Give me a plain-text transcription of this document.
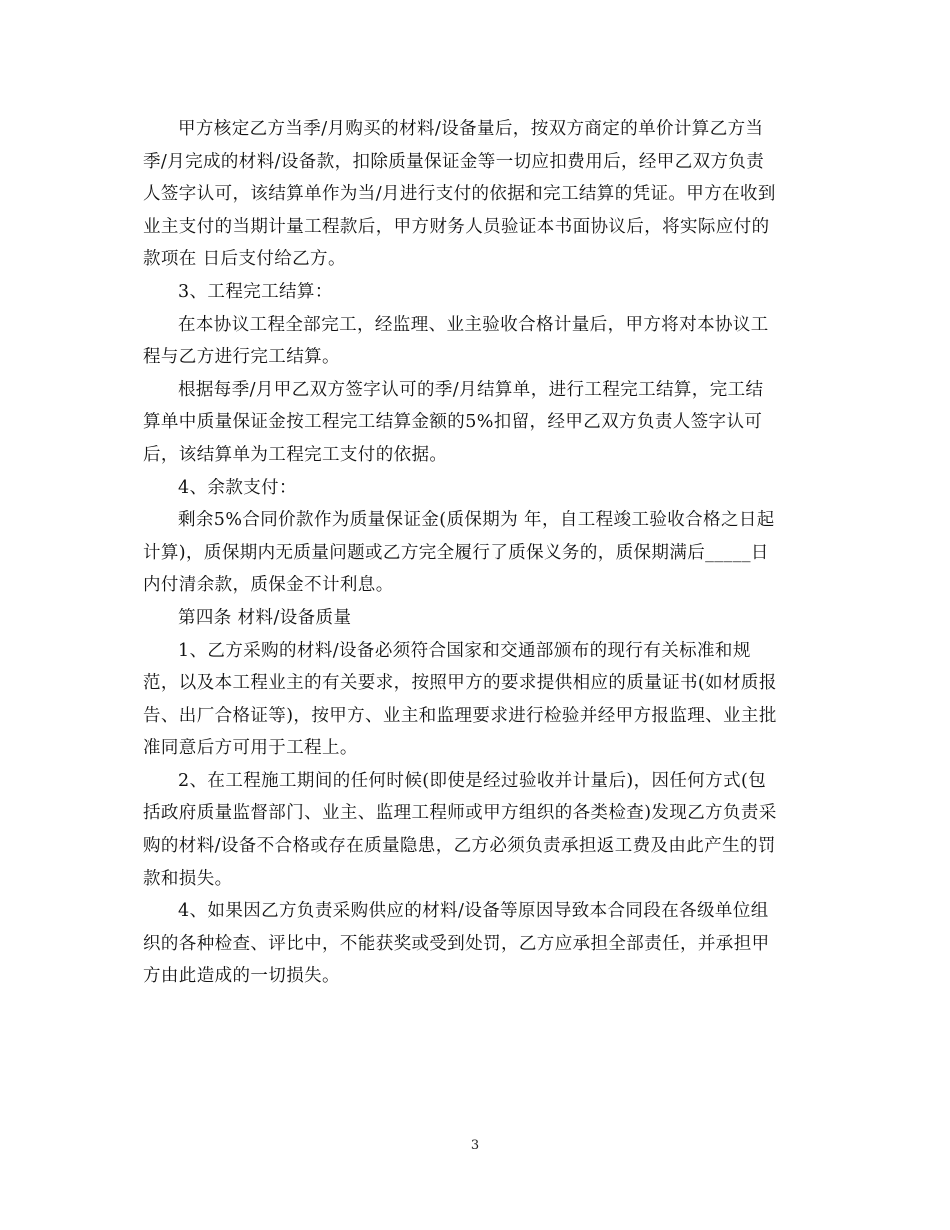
甲方核定乙方当季/月购买的材料/设备量后，按双方商定的单价计算乙方当
季/月完成的材料/设备款，扣除质量保证金等一切应扣费用后，经甲乙双方负责
人签字认可，该结算单作为当/月进行支付的依据和完工结算的凭证。甲方在收到
业主支付的当期计量工程款后，甲方财务人员验证本书面协议后，将实际应付的
款项在 日后支付给乙方。

3、工程完工结算：

在本协议工程全部完工，经监理、业主验收合格计量后，甲方将对本协议工
程与乙方进行完工结算。

根据每季/月甲乙双方签字认可的季/月结算单，进行工程完工结算，完工结
算单中质量保证金按工程完工结算金额的5%扣留，经甲乙双方负责人签字认可
后，该结算单为工程完工支付的依据。

4、余款支付：

剩余5%合同价款作为质量保证金(质保期为 年，自工程竣工验收合格之日起
计算)，质保期内无质量问题或乙方完全履行了质保义务的，质保期满后_____日
内付清余款，质保金不计利息。

第四条 材料/设备质量

1、乙方采购的材料/设备必须符合国家和交通部颁布的现行有关标准和规
范，以及本工程业主的有关要求，按照甲方的要求提供相应的质量证书(如材质报
告、出厂合格证等)，按甲方、业主和监理要求进行检验并经甲方报监理、业主批
准同意后方可用于工程上。

2、在工程施工期间的任何时候(即使是经过验收并计量后)，因任何方式(包
括政府质量监督部门、业主、监理工程师或甲方组织的各类检查)发现乙方负责采
购的材料/设备不合格或存在质量隐患，乙方必须负责承担返工费及由此产生的罚
款和损失。

4、如果因乙方负责采购供应的材料/设备等原因导致本合同段在各级单位组
织的各种检查、评比中，不能获奖或受到处罚，乙方应承担全部责任，并承担甲
方由此造成的一切损失。

3
